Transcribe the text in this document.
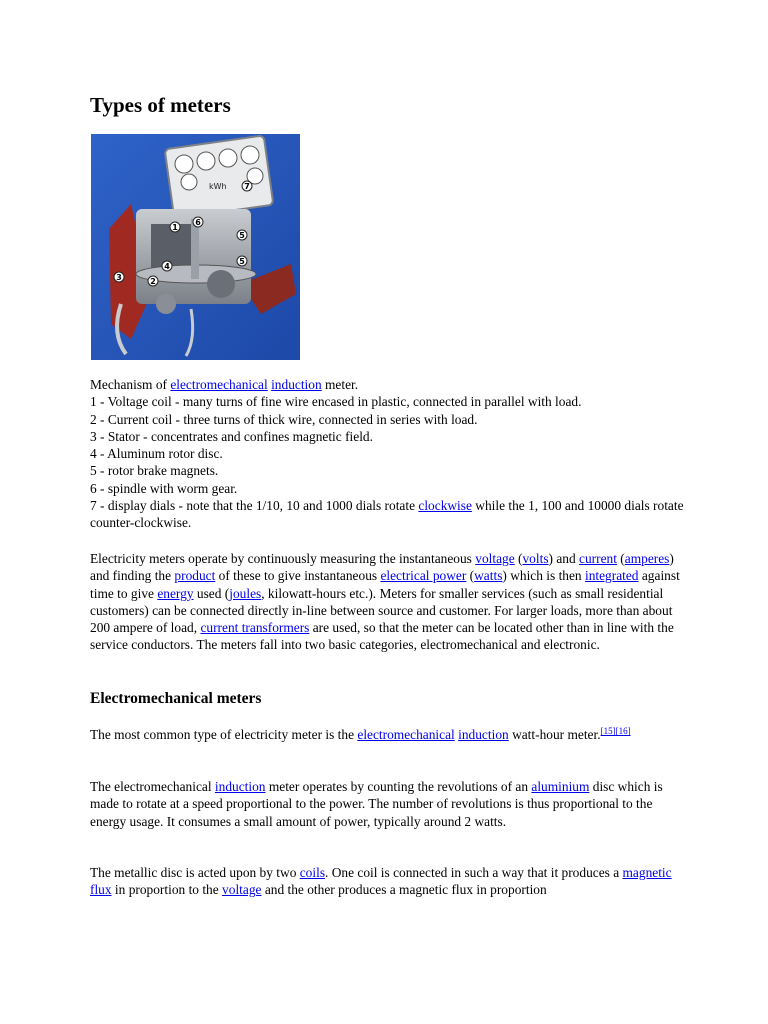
Types of meters

Mechanism of electromechanical induction meter.

1 - Voltage coil - many turns of fine wire encased in plastic, connected in parallel with load.

2 - Current coil - three turns of thick wire, connected in series with load.

3 - Stator - concentrates and confines magnetic field.

4 - Aluminum rotor disc.

5 - rotor brake magnets.

6 - spindle with worm gear.

7 - display dials - note that the 1/10, 10 and 1000 dials rotate clockwise while the 1, 100 and 10000 dials rotate counter-clockwise.

Electricity meters operate by continuously measuring the instantaneous voltage (volts) and current (amperes) and finding the product of these to give instantaneous electrical power (watts) which is then integrated against time to give energy used (joules, kilowatt-hours etc.). Meters for smaller services (such as small residential customers) can be connected directly in-line between source and customer. For larger loads, more than about 200 ampere of load, current transformers are used, so that the meter can be located other than in line with the service conductors. The meters fall into two basic categories, electromechanical and electronic.

Electromechanical meters

The most common type of electricity meter is the electromechanical induction watt-hour meter.[15][16]

The electromechanical induction meter operates by counting the revolutions of an aluminium disc which is made to rotate at a speed proportional to the power. The number of revolutions is thus proportional to the energy usage. It consumes a small amount of power, typically around 2 watts.

The metallic disc is acted upon by two coils. One coil is connected in such a way that it produces a magnetic flux in proportion to the voltage and the other produces a magnetic flux in proportion

kWh
1
2
3
4
5
5
6
7
